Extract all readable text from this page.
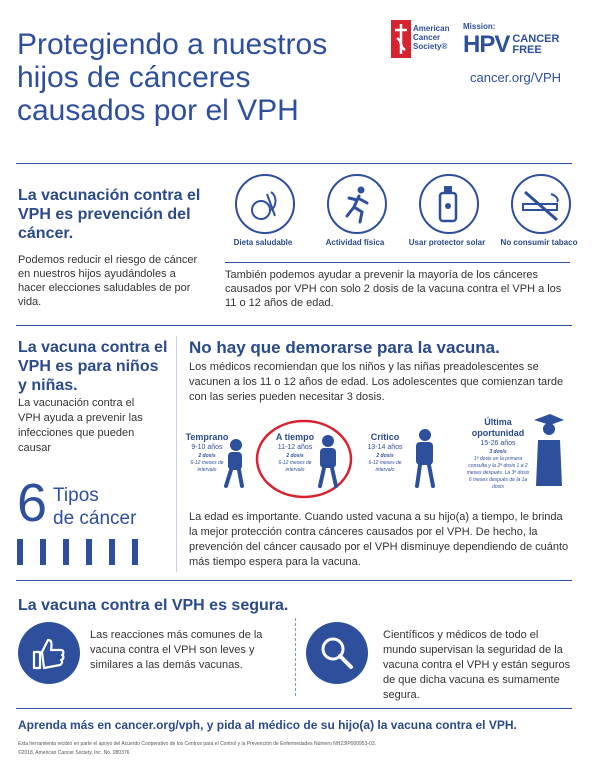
Protegiendo a nuestros hijos de cánceres causados por el VPH
American Cancer Society®
Mission:
HPV CANCER FREE
cancer.org/VPH
La vacunación contra el VPH es prevención del cáncer.
Podemos reducir el riesgo de cáncer en nuestros hijos ayudándoles a hacer elecciones saludables de por vida.
Dieta saludable	Actividad física	Usar protector solar	No consumir tabaco
También podemos ayudar a prevenir la mayoría de los cánceres causados por VPH con solo 2 dosis de la vacuna contra el VPH a los 11 o 12 años de edad.
La vacuna contra el VPH es para niños y niñas.
La vacunación contra el VPH ayuda a prevenir las infecciones que pueden causar
6 Tipos
de cáncer
No hay que demorarse para la vacuna.
Los médicos recomiendan que los niños y las niñas preadolescentes se vacunen a los 11 o 12 años de edad. Los adolescentes que comienzan tarde con las series pueden necesitar 3 dosis.
Temprano
9-10 años
2 dosis
6-12 meses de intervalo
A tiempo
11-12 años
2 dosis
6-12 meses de intervalo
Crítico
13-14 años
2 dosis
6-12 meses de intervalo
Última oportunidad
15-26 años
3 dosis
1ª dosis en la primera consulta y la 2ª dosis 1 a 2 meses después. La 3ª dosis 6 meses después de la 1a dosis
La edad es importante. Cuando usted vacuna a su hijo(a) a tiempo, le brinda la mejor protección contra cánceres causados por el VPH. De hecho, la prevención del cáncer causado por el VPH disminuye dependiendo de cuánto más tiempo espera para la vacuna.
La vacuna contra el VPH es segura.
Las reacciones más comunes de la vacuna contra el VPH son leves y similares a las demás vacunas.
Científicos y médicos de todo el mundo supervisan la seguridad de la vacuna contra el VPH y están seguros de que dicha vacuna es sumamente segura.
Aprenda más en cancer.org/vph, y pida al médico de su hijo(a) la vacuna contra el VPH.
Esta herramienta recibió en parte el apoyo del Acuerdo Cooperativo de los Centros para el Control y la Prevención de Enfermedades Número NH23IP000953-03.
©2018, American Cancer Society, Inc. No. 080376
